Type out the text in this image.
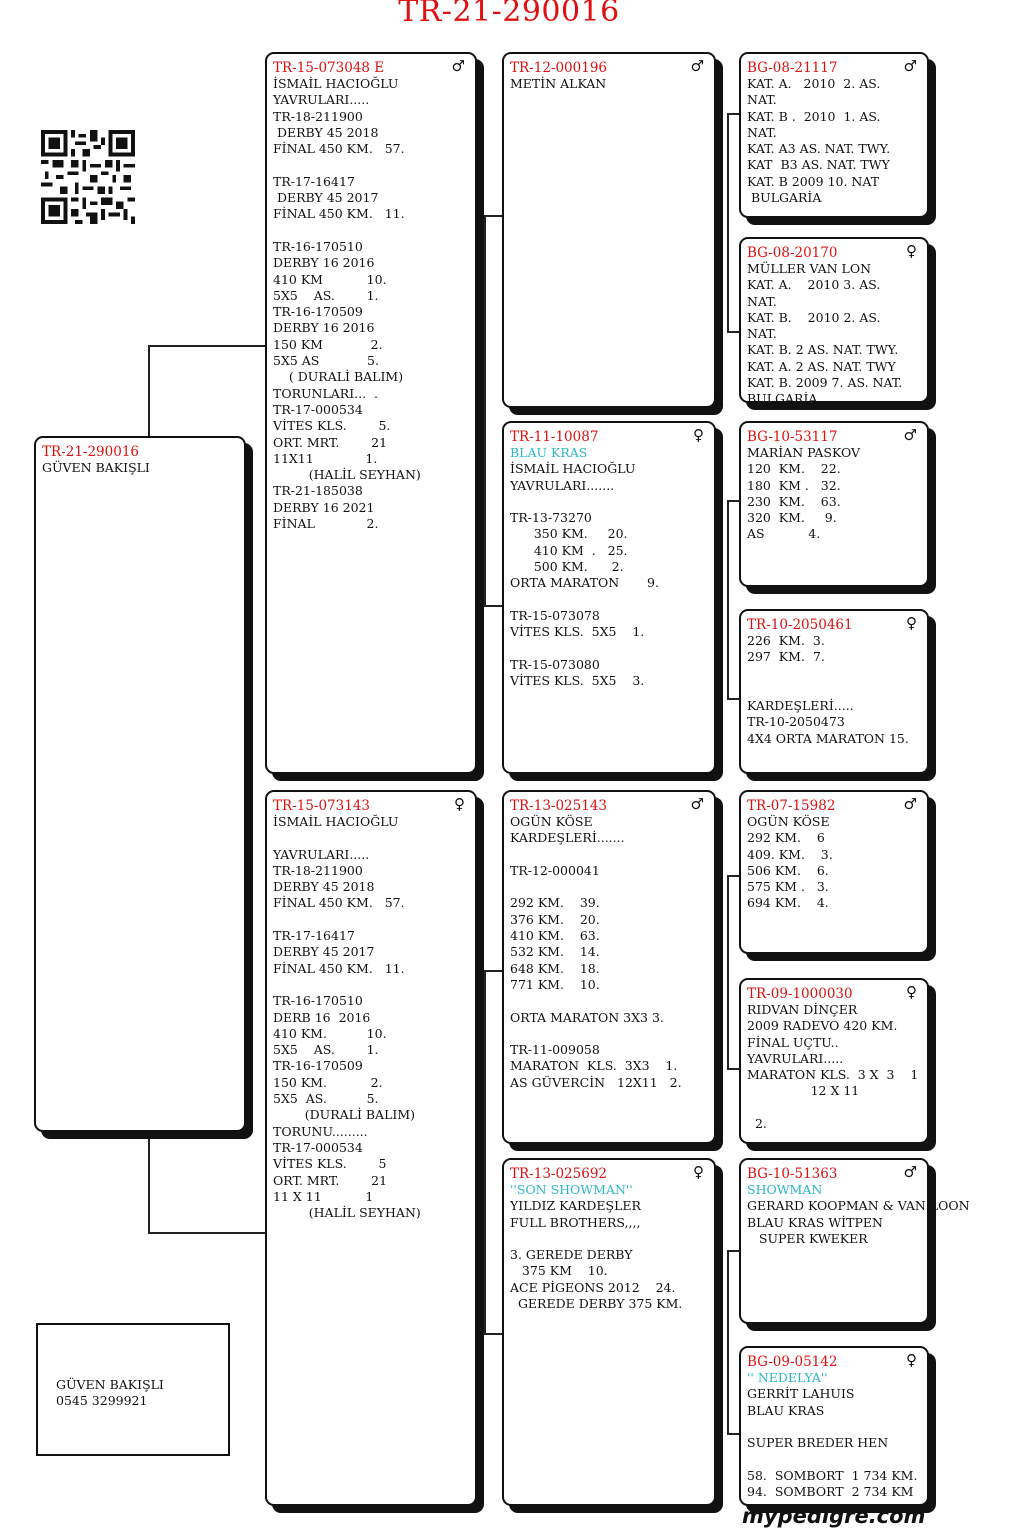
TR-21-290016
TR-21-290016
GÜVEN BAKIŞLI
TR-15-073048 E	♂
İSMAİL HACIOĞLU
YAVRULARI.....
TR-18-211900
DERBY 45 2018
FİNAL 450 KM.   57.

TR-17-16417
DERBY 45 2017
FİNAL 450 KM.   11.

TR-16-170510
DERBY 16 2016
410 KM           10.
5X5    AS.        1.
TR-16-170509
DERBY 16 2016
150 KM            2.
5X5 AS            5.
( DURALİ BALIM)
TORUNLARI...  .
TR-17-000534
VİTES KLS.        5.
ORT. MRT.        21
11X11             1.
(HALİL SEYHAN)
TR-21-185038
DERBY 16 2021
FİNAL             2.
TR-15-073143	♀
İSMAİL HACIOĞLU

YAVRULARI.....
TR-18-211900
DERBY 45 2018
FİNAL 450 KM.   57.

TR-17-16417
DERBY 45 2017
FİNAL 450 KM.   11.

TR-16-170510
DERB 16  2016
410 KM.          10.
5X5    AS.        1.
TR-16-170509
150 KM.           2.
5X5  AS.          5.
(DURALİ BALIM)
TORUNU.........
TR-17-000534
VİTES KLS.        5
ORT. MRT.        21
11 X 11           1
(HALİL SEYHAN)
TR-12-000196	♂
METİN ALKAN
TR-11-10087	♀
BLAU KRAS
İSMAİL HACIOĞLU
YAVRULARI.......

TR-13-73270
350 KM.     20.
410 KM  .   25.
500 KM.      2.
ORTA MARATON       9.

TR-15-073078
VİTES KLS.  5X5    1.

TR-15-073080
VİTES KLS.  5X5    3.
TR-13-025143	♂
OGÜN KÖSE
KARDEŞLERİ.......

TR-12-000041

292 KM.    39.
376 KM.    20.
410 KM.    63.
532 KM.    14.
648 KM.    18.
771 KM.    10.

ORTA MARATON 3X3 3.

TR-11-009058
MARATON  KLS.  3X3    1.
AS GÜVERCİN   12X11   2.
TR-13-025692	♀
''SON SHOWMAN''
YILDIZ KARDEŞLER
FULL BROTHERS,,,,

3. GEREDE DERBY
375 KM    10.
ACE PİGEONS 2012    24.
GEREDE DERBY 375 KM.
BG-08-21117	♂
KAT. A.   2010  2. AS.
NAT.
KAT. B .  2010  1. AS.
NAT.
KAT. A3 AS. NAT. TWY.
KAT  B3 AS. NAT. TWY
KAT. B 2009 10. NAT
BULGARİA
BG-08-20170	♀
MÜLLER VAN LON
KAT. A.    2010 3. AS.
NAT.
KAT. B.    2010 2. AS.
NAT.
KAT. B. 2 AS. NAT. TWY.
KAT. A. 2 AS. NAT. TWY
KAT. B. 2009 7. AS. NAT.
BULGARİA
BG-10-53117	♂
MARİAN PASKOV
120  KM.    22.
180  KM .   32.
230  KM.    63.
320  KM.     9.
AS           4.
TR-10-2050461	♀
226  KM.  3.
297  KM.  7.

KARDEŞLERİ.....
TR-10-2050473
4X4 ORTA MARATON 15.
TR-07-15982	♂
OGÜN KÖSE
292 KM.    6
409. KM.    3.
506 KM.    6.
575 KM .   3.
694 KM.    4.
TR-09-1000030	♀
RIDVAN DİNÇER
2009 RADEVO 420 KM.
FİNAL UÇTU..
YAVRULARI.....
MARATON KLS.  3 X  3    1
12 X 11

2.
BG-10-51363	♂
SHOWMAN
GERARD KOOPMAN & VAN LOON
BLAU KRAS WİTPEN
SUPER KWEKER
BG-09-05142	♀
'' NEDELYA''
GERRİT LAHUIS
BLAU KRAS

SUPER BREDER HEN

58.  SOMBORT  1 734 KM.
94.  SOMBORT  2 734 KM
GÜVEN BAKIŞLI
0545 3299921
mypedigre.com
